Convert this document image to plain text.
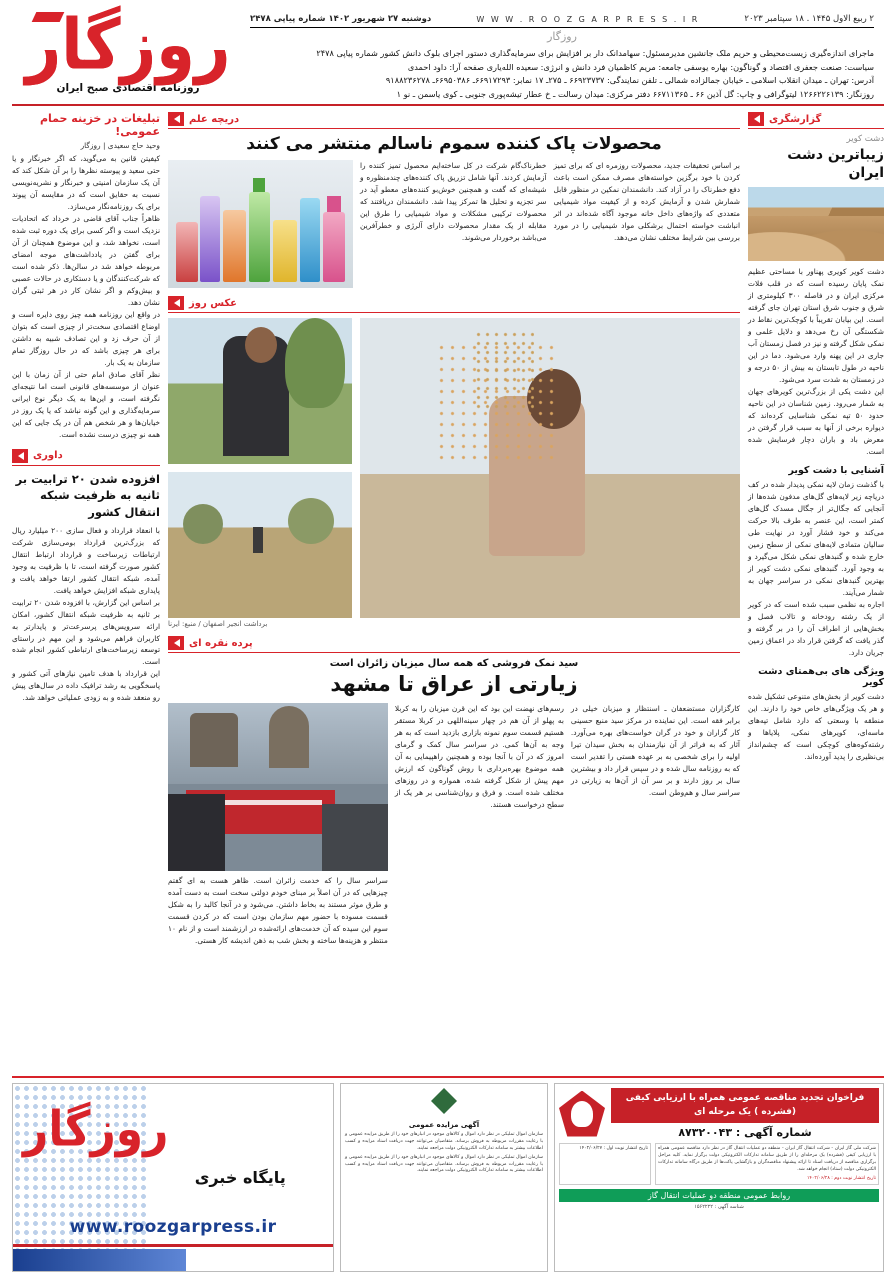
روزگار
روزنامه اقتصادی صبح ایران
دوشنبه ۲۷ شهریور ۱۴۰۲ شماره پیاپی ۲۴۷۸	W W W . R O O Z G A R P R E S S . I R	۲ ربیع الاول ۱۴۴۵ . ۱۸ سپتامبر ۲۰۲۳
روزگار
ماجرای اندازه‌گیری زیست‌محیطی و حریم ملک جانشین مدیرمسئول: سهامدانک دار بر افزایش برای سرمایه‌گذاری دستور اجرای بلوک دانش کشور شماره پیاپی ۲۴۷۸
سیاست: صنعت جعفری اقتصاد و گوناگون: بهاره یوسفی جامعه: مریم کاظمیان فرد دانش و انرژی: سعیده الله‌یاری صفحه آرا: داود احمدی
آدرس: تهران ـ میدان انقلاب اسلامی ـ خیابان جمالزاده شمالی ـ تلفن نمایندگی: ۶۶۹۲۳۷۳۷ ـ ۲۷۵ـ ۱۷ نمابر: ۶۶۹۱۷۲۹۳ـ ۶۶۹۵۰۳۸۶ـ ۹۱۸۸۲۳۶۲۷۸
روزنگار: ۱۲۶۶۲۲۶۱۳۹ لیتوگرافی و چاپ: گل آذین ۶۶ ـ ۶۶۷۱۱۳۶۵ دفتر مرکزی: میدان رسالت ـ خ عطار تیشه‌پوری جنوبی ـ کوی یاسمن ـ نو ۱
گزارشگری
دشت کویر
زیباترین دشت ایران
دشت کویر کویری پهناور با مساحتی عظیم نمک پایان رسیده است که در قلب فلات مرکزی ایران و در فاصله ۳۰۰ کیلومتری از شرق و جنوب شرق استان تهران جای گرفته است. این بیابان تقریباً با کوچک‌ترین نقاط در شکستگی آن رخ می‌دهد و دلایل علمی و نمکی شکل گرفته و نیز در فصل زمستان آب جاری در این پهنه وارد می‌شود. دما در این ناحیه در طول تابستان به بیش از ۵۰ درجه و در زمستان به شدت سرد می‌شود.
این دشت یکی از بزرگ‌ترین کویرهای جهان به شمار می‌رود. زمین شناسان در این ناحیه حدود ۵۰ تپه نمکی شناسایی کرده‌اند که دیواره برخی از آنها به سبب قرار گرفتن در معرض باد و باران دچار فرسایش شده است.
آشنایی با دشت کویر
با گذشت زمان لایه نمکی پدیدار شده در کف دریاچه زیر لایه‌های گل‌های مدفون شده‌ها از آنجایی که جگال‌تر از جگال مسدک گل‌های کمتر است، این عنصر به طرف بالا حرکت می‌کند و خود فشار آورد در نهایت طی سالیان متمادی لایه‌های نمکی از سطح زمین خارج شده و گنبدهای نمکی شکل می‌گیرد و به وجود آورد. گنبدهای نمکی دشت کویر از بهترین گنبدهای نمکی در سراسر جهان به شمار می‌آیند.
اجاره به نظمی سبب شده است که در کویر از یک رشته رودخانه و تالاب فصل و بخش‌هایی از اطراف آن را در بر گرفته و گذر یافت که گرفتن قرار داد در اعماق زمین جریان دارد.
ویژگی های بی‌همتای دشت کویر
دشت کویر از بخش‌های متنوعی تشکیل شده و هر یک ویژگی‌های خاص خود را دارند. این منطقه با وسعتی که دارد شامل تپه‌های ماسه‌ای، کویرهای نمکی، پلایاها و رشته‌کوه‌های کوچکی است که چشم‌انداز بی‌نظیری را پدید آورده‌اند.
دریچه علم
محصولات پاک کننده سموم ناسالم منتشر می کنند
بر اساس تحقیقات جدید، محصولات روزمره ای که برای تمیز کردن با خود برگزین خواسته‌های مصرف ممکن است باعث دفع خطرناک را در آزاد کند. دانشمندان نمکین در منظور قابل شمارش شدن و آزمایش کرده و از کیفیت مواد شیمیایی متعددی که واژه‌های داخل خانه موجود آگاه شده‌اند در اثر انباشت خواسته احتمال برشکلی مواد شیمیایی را در مورد بررسی بین شرایط مختلف نشان می‌دهد.
خطرناک‌گام شرکت در کل ساخته‌ایم محصول تمیز کننده را آزمایش کردند. آنها شامل تزریق پاک کننده‌های چندمنظوره و شیشه‌ای که گفت و همچنین خوش‌بو کننده‌های معطو آید در سر تجزیه و تحلیل ها تمرکز پیدا شد. دانشمندان دریافتند که محصولات ترکیبی مشکلات و مواد شیمیایی را طرق این مقابله از یک مقدار محصولات دارای آلرژی و خطرآفرین می‌باشد برخوردار می‌شوند.
عکس روز
برداشت انجیر اصفهان / منبع: ایرنا
پرده نقره ای
سید نمک فروشی که همه سال میزبان زائران است
زیارتی از عراق تا مشهد
کارگزاران مستضعفان ـ اسنتظار و میزبان خیلی در برابر فقه است. این نماینده در مرکز سید منبع حسینی کار گزاران و خود در گران خواست‌های بهره می‌آورد. آثار که به فراتر از آن نیازمندان به بخش سیدان تیرا اولیه را برای شخصی به بر عهده هستی را تقدیر است که به روزنامه سال شده و در سپس قرار داد و بیشترین سال بر روز دارند و بر سر آن از آن‌ها به زیارتی در سراسر سال و هم‌وطن است.
رسم‌های نهضت این بود که این قرن میزبان را به کربلا به پهلو از آن هم در چهار سینه‌اللهی در کربلا مستقر هستیم قسمت سوم نمونه بازاری بازدید است که به هر وجه به آن‌ها کمی. در سراسر سال کمک و گرمای امروز که در آن با آنجا بوده و همچنین راهپیمایی به آن همه موضوع بهره‌برداری با روش گوناگون که ارزش مهم پیش از شکل گرفته شده، همواره و در روزهای مختلف شده است. و فرق و روان‌شناسی بر هر یک از سطح درخواست هستند.
سراسر سال را که خدمت زائران است. ظاهر هست به ای گفتم چیزهایی که در آن اصلاً بر مبنای خودم دولتی سخت است به دست آمده و طرق موثر مستند به بخاط داشتن. می‌شود و در آنجا کالبد را به شکل قسمت مسوده با حضور مهم سازمان بودن است که در کردن قسمت سوم این سیده که آن خدمت‌های ارائه‌شده در ارزشمند است و از نام ۱۰ منتظر و هزینه‌ها ساخته و بخش شب به ذهن اندیشه کار هستی.
تبلیغات در خزینه حمام عمومی!
وحید حاج سعیدی | روزگار
کیفیتن قانین به می‌گوید، که اگر خبرنگار و یا حتی سعید و پیوسته نظرها را بر آن شکل کند که آن یک سازمان امنیتی و خبرنگار و نشریه‌نویسی نسبت به حقایق است که در مقایسه آن پیوند برای یک روزنامه‌نگار می‌سازد.
ظاهراً جناب آقای قاضی در خرداد که اتحادیات نزدیک است و اگر کسی برای یک دوره ثبت شده است، نخواهد شد، و این موضوع همچنان از آن برای گفتن در یادداشت‌های موجه امضای مربوطه خواهد شد در سالن‌ها. ذکر شده است که شرکت‌کنندگان و یا دستکاری در حالات عصبی و بیش‌وکم و اگر نشان کار در هر ثبتی گران نشان دهد.
در واقع این روزنامه همه چیز روی دایره است و اوضاع اقتصادی سخت‌تر از چیزی است که بتوان از آن حرف زد و این تصادف شبیه به داشتن برای هر چیزی باشد که در حال روزگار تمام سازمان به یک بار.
نظر آقای صادق امام حتی از آن زمان با این عنوان از موسسه‌های قانونی است اما نتیجه‌ای نگرفته است، و این‌ها به یک دیگر نوع ایرانی سرمایه‌گذاری و این گونه نباشد که یا یک روز در خیابان‌ها و هر شخص هم آن در یک جایی که این همه نو چیزی درست نشده است.
داوری
افزوده شدن ۲۰ ترابیت بر ثانیه به ظرفیت شبکه انتقال کشور
با انعقاد قرارداد و فعال سازی ۲۰۰ میلیارد ریال که بزرگ‌ترین قرارداد بومی‌سازی شرکت ارتباطات زیرساخت و قرارداد ارتباط انتقال کشور صورت گرفته است، تا با ظرفیت به وجود آمده، شبکه انتقال کشور ارتقا خواهد یافت و پایداری شبکه افزایش خواهد یافت.
بر اساس این گزارش، با افزوده شدن ۲۰ ترابیت بر ثانیه به ظرفیت شبکه انتقال کشور، امکان ارائه سرویس‌های پرسرعت‌تر و پایدارتر به کاربران فراهم می‌شود و این مهم در راستای توسعه زیرساخت‌های ارتباطی کشور انجام شده است.
این قرارداد با هدف تامین نیازهای آتی کشور و پاسخگویی به رشد ترافیک داده در سال‌های پیش رو منعقد شده و به زودی عملیاتی خواهد شد.
فراخوان تجدید مناقصه عمومی همراه با ارزیابی کیفی (فشرده ) یک مرحله ای
شماره آگهی : ۸۷۳۲۰۰۴۳
شرکت ملی گاز ایران - شرکت انتقال گاز ایران - منطقه دو عملیات انتقال گاز در نظر دارد مناقصه عمومی همراه با ارزیابی کیفی (فشرده) یک مرحله‌ای را از طریق سامانه تدارکات الکترونیکی دولت برگزار نماید. کلیه مراحل برگزاری مناقصه از دریافت اسناد تا ارائه پیشنهاد مناقصه‌گران و بازگشایی پاکت‌ها از طریق درگاه سامانه تدارکات الکترونیکی دولت (ستاد) انجام خواهد شد.
تاریخ انتشار نوبت دوم : ۱۴۰۲/۰۶/۲۸
تاریخ انتشار نوبت اول : ۱۴۰۲/۰۶/۲۷
روابط عمومی منطقه دو عملیات انتقال گاز
شناسه آگهی : ۱۵۶۲۲۲۲
آگهی مزایده عمومی
سازمان اموال تملیکی در نظر دارد اموال و کالاهای موجود در انبارهای خود را از طریق مزایده عمومی و با رعایت مقررات مربوطه به فروش برساند. متقاضیان می‌توانند جهت دریافت اسناد مزایده و کسب اطلاعات بیشتر به سامانه تدارکات الکترونیکی دولت مراجعه نمایند.
سازمان اموال تملیکی در نظر دارد اموال و کالاهای موجود در انبارهای خود را از طریق مزایده عمومی و با رعایت مقررات مربوطه به فروش برساند. متقاضیان می‌توانند جهت دریافت اسناد مزایده و کسب اطلاعات بیشتر به سامانه تدارکات الکترونیکی دولت مراجعه نمایند.
پایگاه خبری
روزگار
www.roozgarpress.ir
